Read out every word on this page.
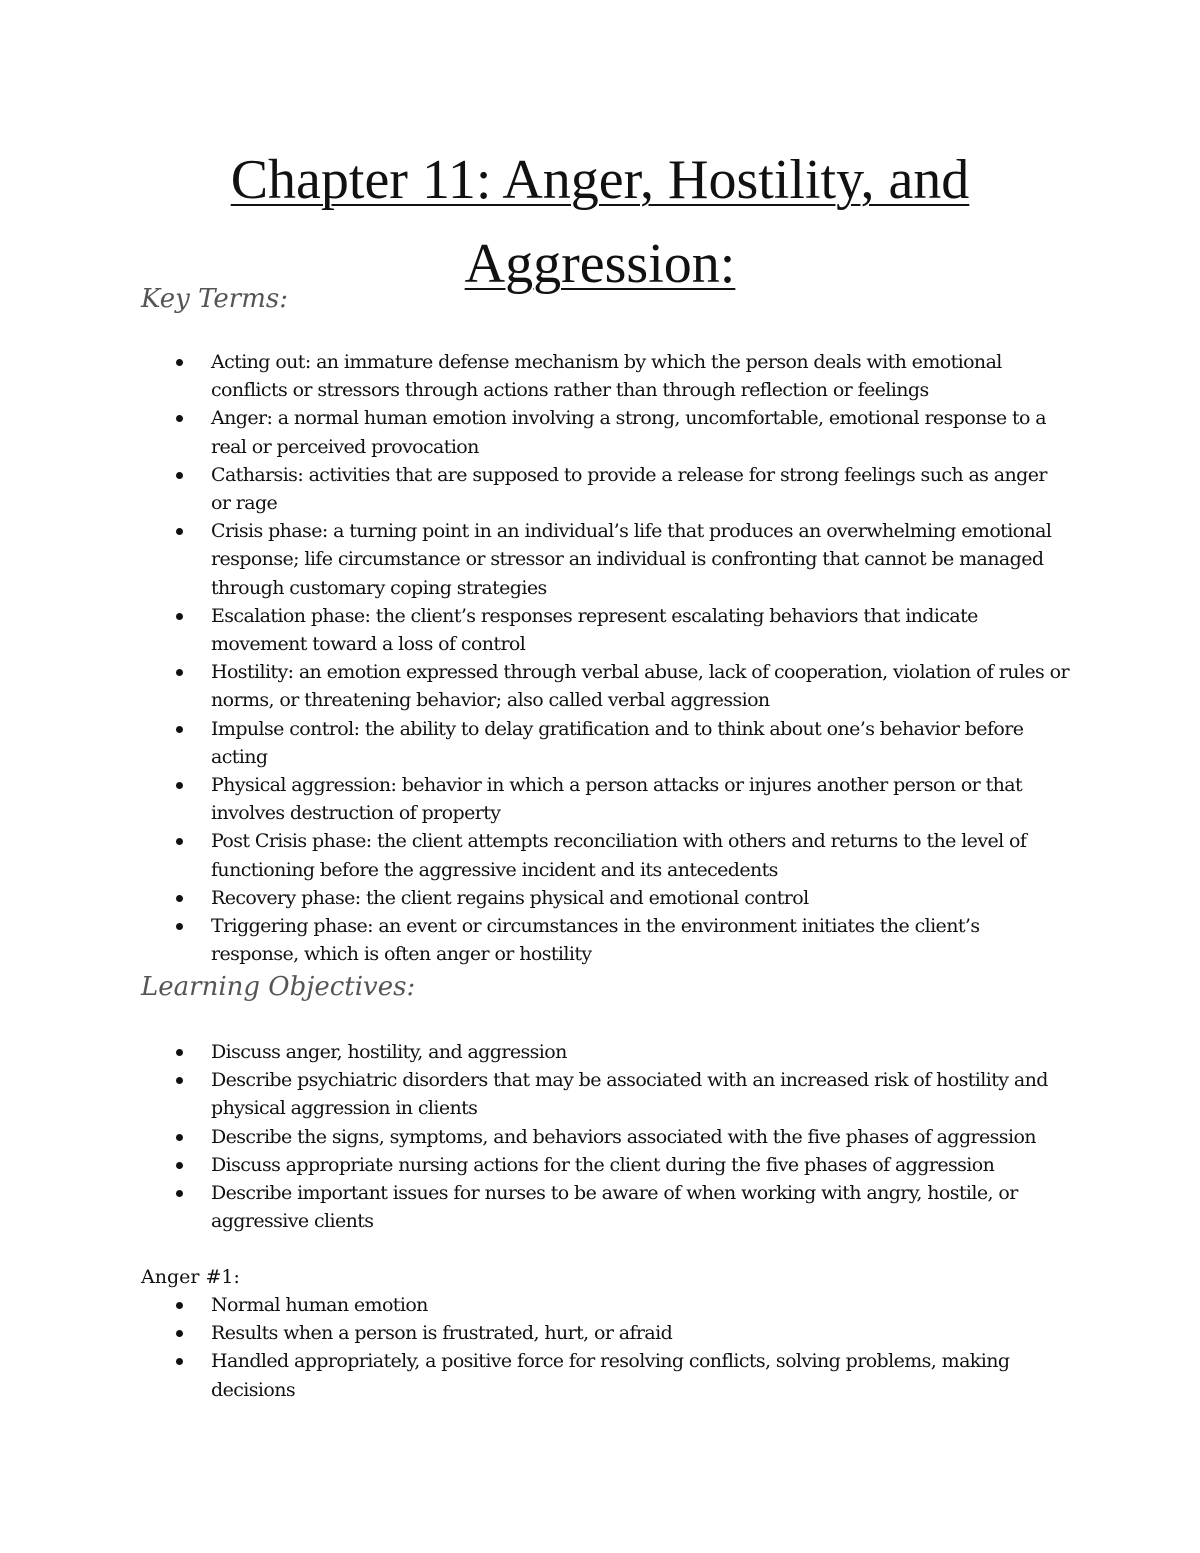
Chapter 11: Anger, Hostility, and
Aggression:
Key Terms:
Acting out: an immature defense mechanism by which the person deals with emotional conflicts or stressors through actions rather than through reflection or feelings
Anger: a normal human emotion involving a strong, uncomfortable, emotional response to a real or perceived provocation
Catharsis: activities that are supposed to provide a release for strong feelings such as anger or rage
Crisis phase: a turning point in an individual’s life that produces an overwhelming emotional response; life circumstance or stressor an individual is confronting that cannot be managed through customary coping strategies
Escalation phase: the client’s responses represent escalating behaviors that indicate movement toward a loss of control
Hostility: an emotion expressed through verbal abuse, lack of cooperation, violation of rules or norms, or threatening behavior; also called verbal aggression
Impulse control: the ability to delay gratification and to think about one’s behavior before acting
Physical aggression: behavior in which a person attacks or injures another person or that involves destruction of property
Post Crisis phase: the client attempts reconciliation with others and returns to the level of functioning before the aggressive incident and its antecedents
Recovery phase: the client regains physical and emotional control
Triggering phase: an event or circumstances in the environment initiates the client’s response, which is often anger or hostility
Learning Objectives:
Discuss anger, hostility, and aggression
Describe psychiatric disorders that may be associated with an increased risk of hostility and physical aggression in clients
Describe the signs, symptoms, and behaviors associated with the five phases of aggression
Discuss appropriate nursing actions for the client during the five phases of aggression
Describe important issues for nurses to be aware of when working with angry, hostile, or aggressive clients

Anger #1:

Normal human emotion
Results when a person is frustrated, hurt, or afraid
Handled appropriately, a positive force for resolving conflicts, solving problems, making decisions
